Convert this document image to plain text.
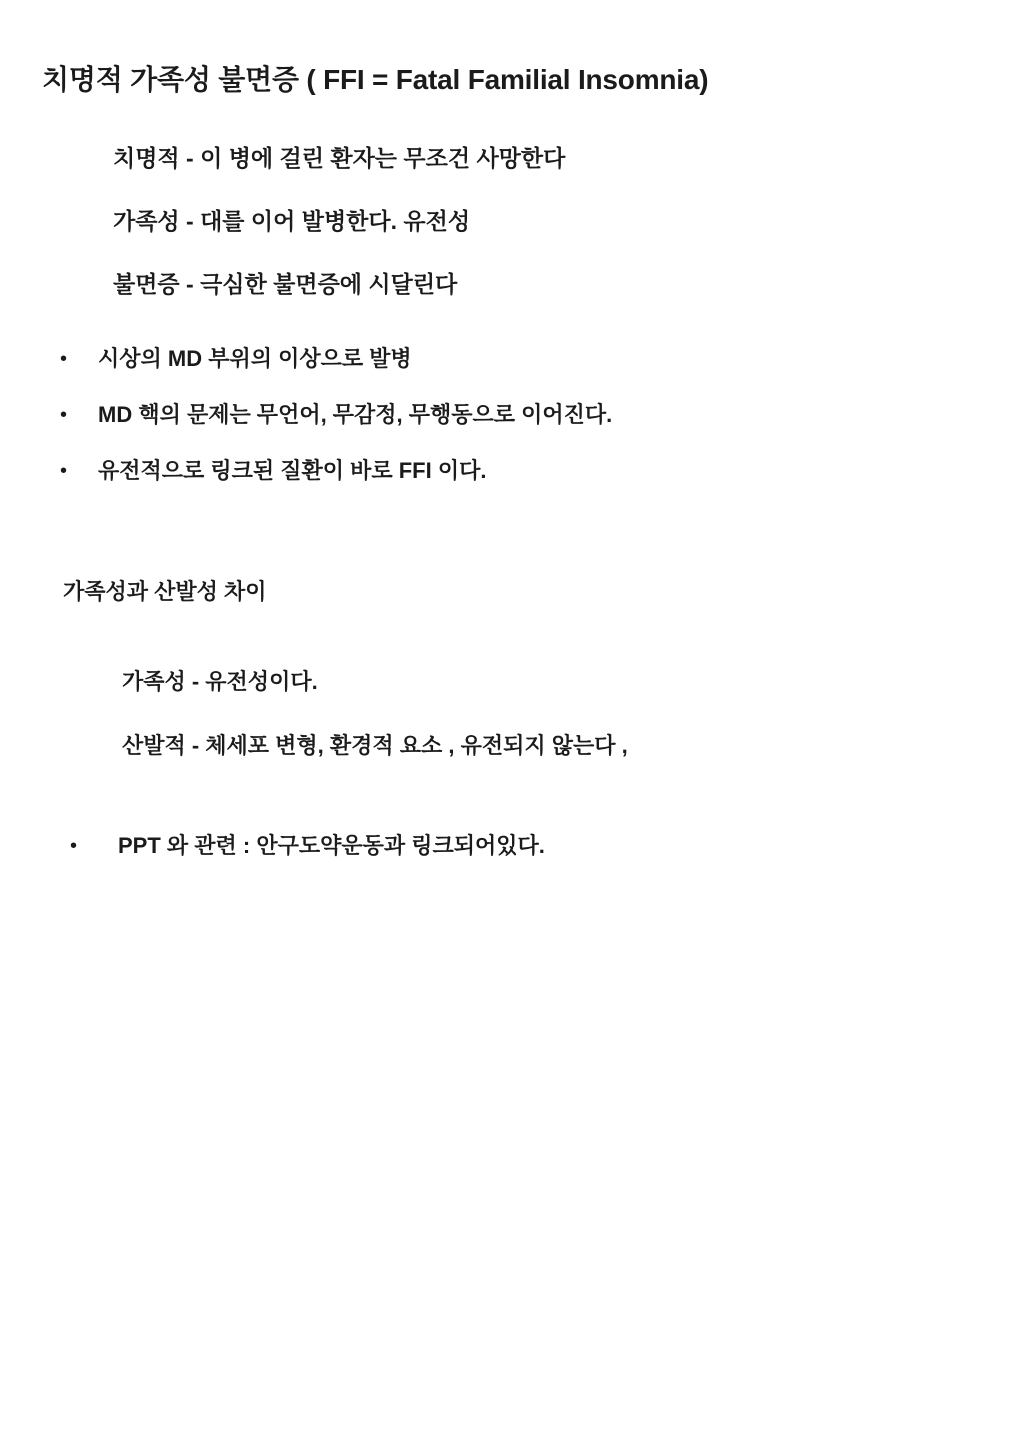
치명적 가족성 불면증 ( FFI = Fatal Familial Insomnia)
치명적 - 이 병에 걸린 환자는 무조건 사망한다
가족성 - 대를 이어 발병한다. 유전성
불면증 - 극심한 불면증에 시달린다
•	시상의 MD 부위의 이상으로 발병
•	MD 핵의 문제는 무언어, 무감정, 무행동으로 이어진다.
•	유전적으로 링크된 질환이 바로 FFI 이다.
가족성과 산발성 차이
가족성 - 유전성이다.
산발적 - 체세포 변형, 환경적 요소 , 유전되지 않는다 ,
•	PPT 와 관련 : 안구도약운동과 링크되어있다.
